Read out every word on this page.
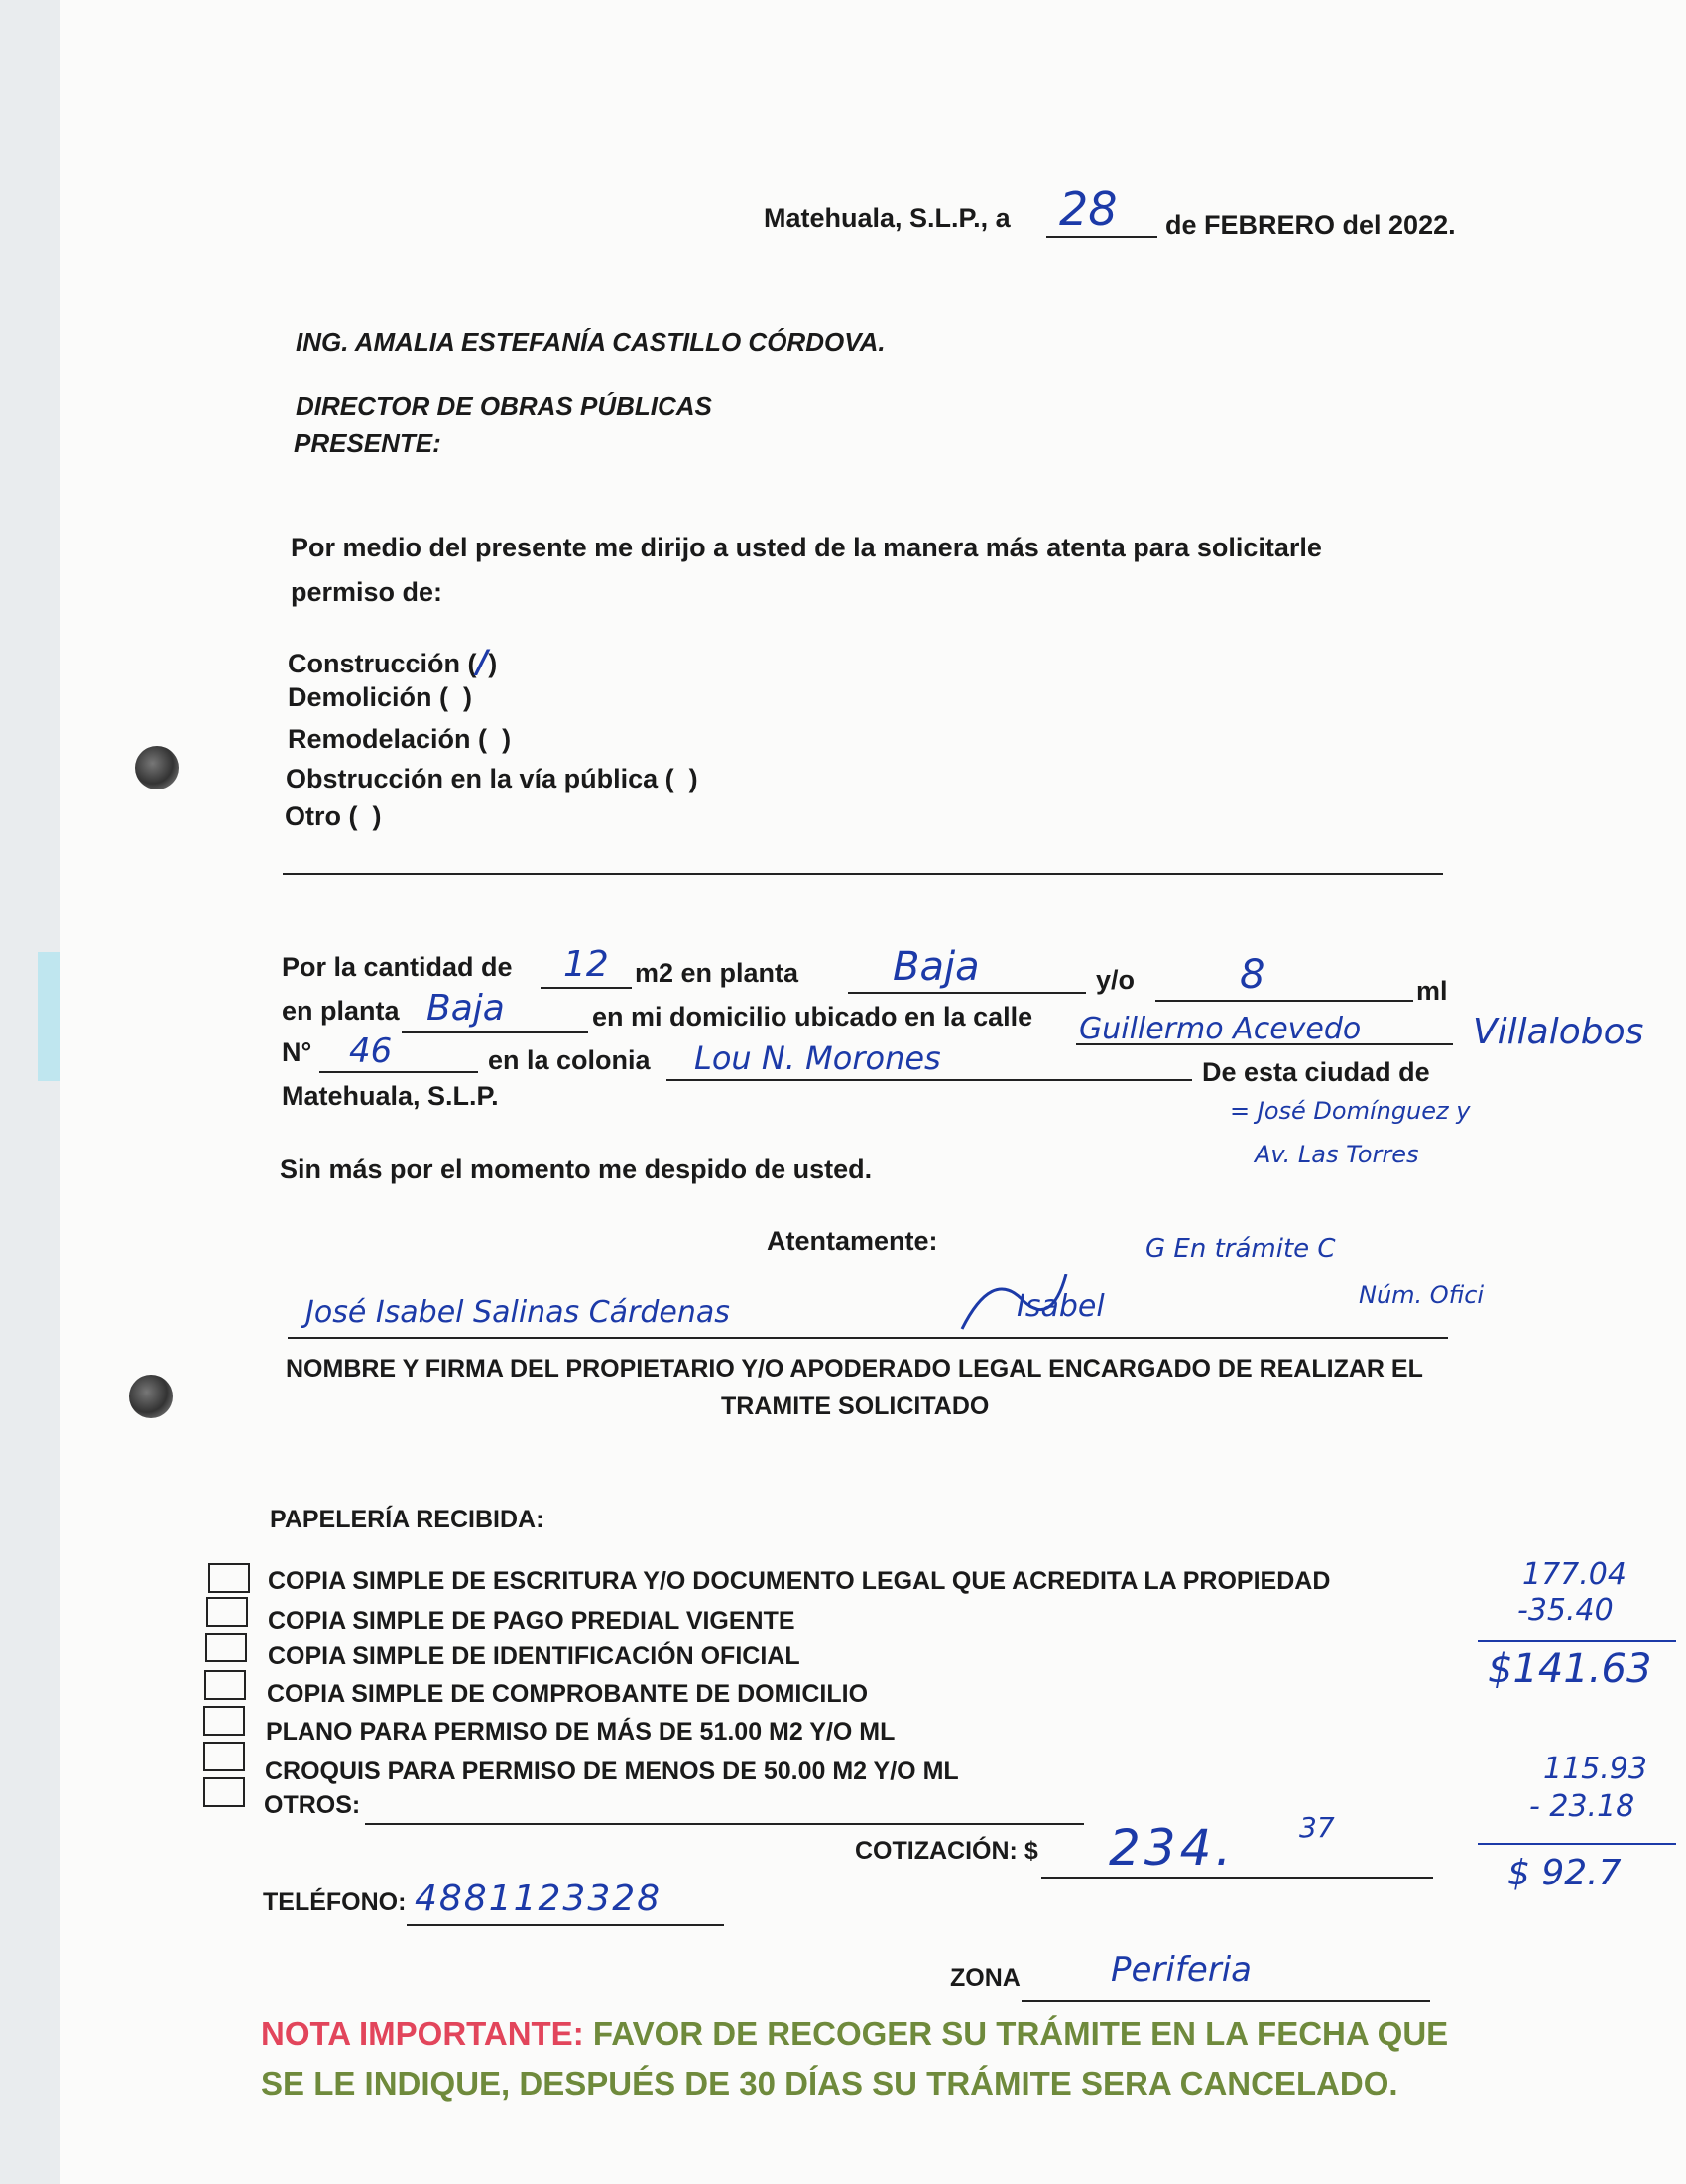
Matehuala, S.L.P., a 28 de FEBRERO del 2022.
ING. AMALIA ESTEFANÍA CASTILLO CÓRDOVA.
DIRECTOR DE OBRAS PÚBLICAS
PRESENTE:
Por medio del presente me dirijo a usted de la manera más atenta para solicitarle
permiso de:
Construcción (/)
Demolición ( )
Remodelación ( )
Obstrucción en la vía pública ( )
Otro ( )
Por la cantidad de 12 m2 en planta Baja	y/o	8	ml
en planta Baja	en mi domicilio ubicado en la calle Guillermo Acevedo	Villalobos
N° 46	en la colonia Lou N. Morones	De esta ciudad de
Matehuala, S.L.P.	= José Domínguez y
Av. Las Torres
Sin más por el momento me despido de usted.
Atentamente:	G En trámite C
Núm. Ofici
José Isabel Salinas Cárdenas	Isabel
NOMBRE Y FIRMA DEL PROPIETARIO Y/O APODERADO LEGAL ENCARGADO DE REALIZAR EL
TRAMITE SOLICITADO
PAPELERÍA RECIBIDA:
COPIA SIMPLE DE ESCRITURA Y/O DOCUMENTO LEGAL QUE ACREDITA LA PROPIEDAD
COPIA SIMPLE DE PAGO PREDIAL VIGENTE
COPIA SIMPLE DE IDENTIFICACIÓN OFICIAL
COPIA SIMPLE DE COMPROBANTE DE DOMICILIO
PLANO PARA PERMISO DE MÁS DE 51.00 M2 Y/O ML
CROQUIS PARA PERMISO DE MENOS DE 50.00 M2 Y/O ML
OTROS:
177.04
-35.40
$141.63
115.93
- 23.18
$ 92.7
COTIZACIÓN: $ 234. 37
TELÉFONO: 4881123328
ZONA	Periferia
NOTA IMPORTANTE: FAVOR DE RECOGER SU TRÁMITE EN LA FECHA QUE
SE LE INDIQUE, DESPUÉS DE 30 DÍAS SU TRÁMITE SERA CANCELADO.
